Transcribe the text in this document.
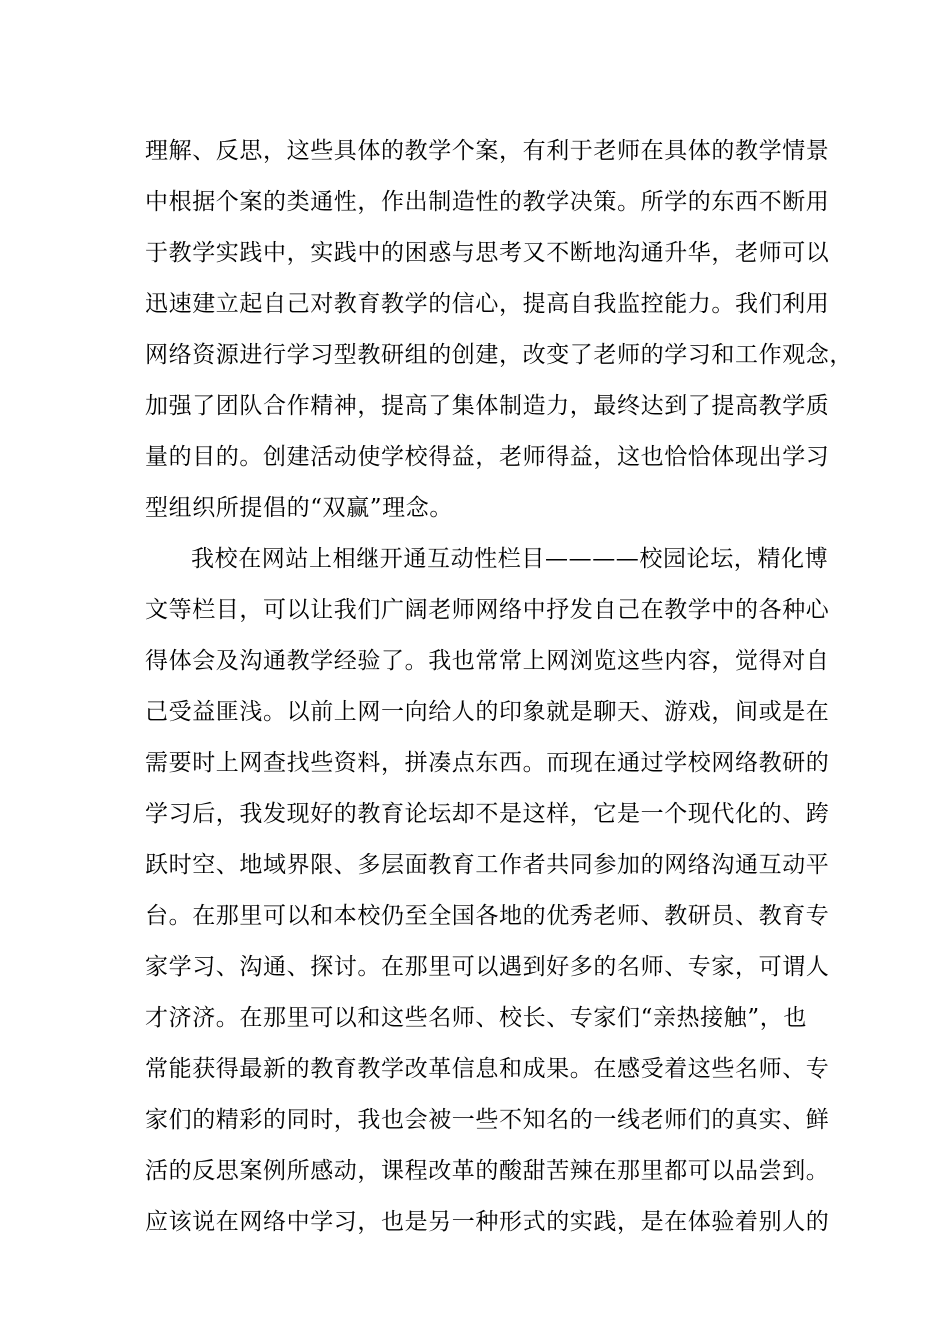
理解、反思，这些具体的教学个案，有利于老师在具体的教学情景
中根据个案的类通性，作出制造性的教学决策。所学的东西不断用
于教学实践中，实践中的困惑与思考又不断地沟通升华，老师可以
迅速建立起自己对教育教学的信心，提高自我监控能力。我们利用
网络资源进行学习型教研组的创建，改变了老师的学习和工作观念，
加强了团队合作精神，提高了集体制造力，最终达到了提高教学质
量的目的。创建活动使学校得益，老师得益，这也恰恰体现出学习
型组织所提倡的“双赢”理念。
我校在网站上相继开通互动性栏目————校园论坛，精化博
文等栏目，可以让我们广阔老师网络中抒发自己在教学中的各种心
得体会及沟通教学经验了。我也常常上网浏览这些内容，觉得对自
己受益匪浅。以前上网一向给人的印象就是聊天、游戏，间或是在
需要时上网查找些资料，拼凑点东西。而现在通过学校网络教研的
学习后，我发现好的教育论坛却不是这样，它是一个现代化的、跨
跃时空、地域界限、多层面教育工作者共同参加的网络沟通互动平
台。在那里可以和本校仍至全国各地的优秀老师、教研员、教育专
家学习、沟通、探讨。在那里可以遇到好多的名师、专家，可谓人
才济济。在那里可以和这些名师、校长、专家们“亲热接触”，也
常能获得最新的教育教学改革信息和成果。在感受着这些名师、专
家们的精彩的同时，我也会被一些不知名的一线老师们的真实、鲜
活的反思案例所感动，课程改革的酸甜苦辣在那里都可以品尝到。
应该说在网络中学习，也是另一种形式的实践，是在体验着别人的
